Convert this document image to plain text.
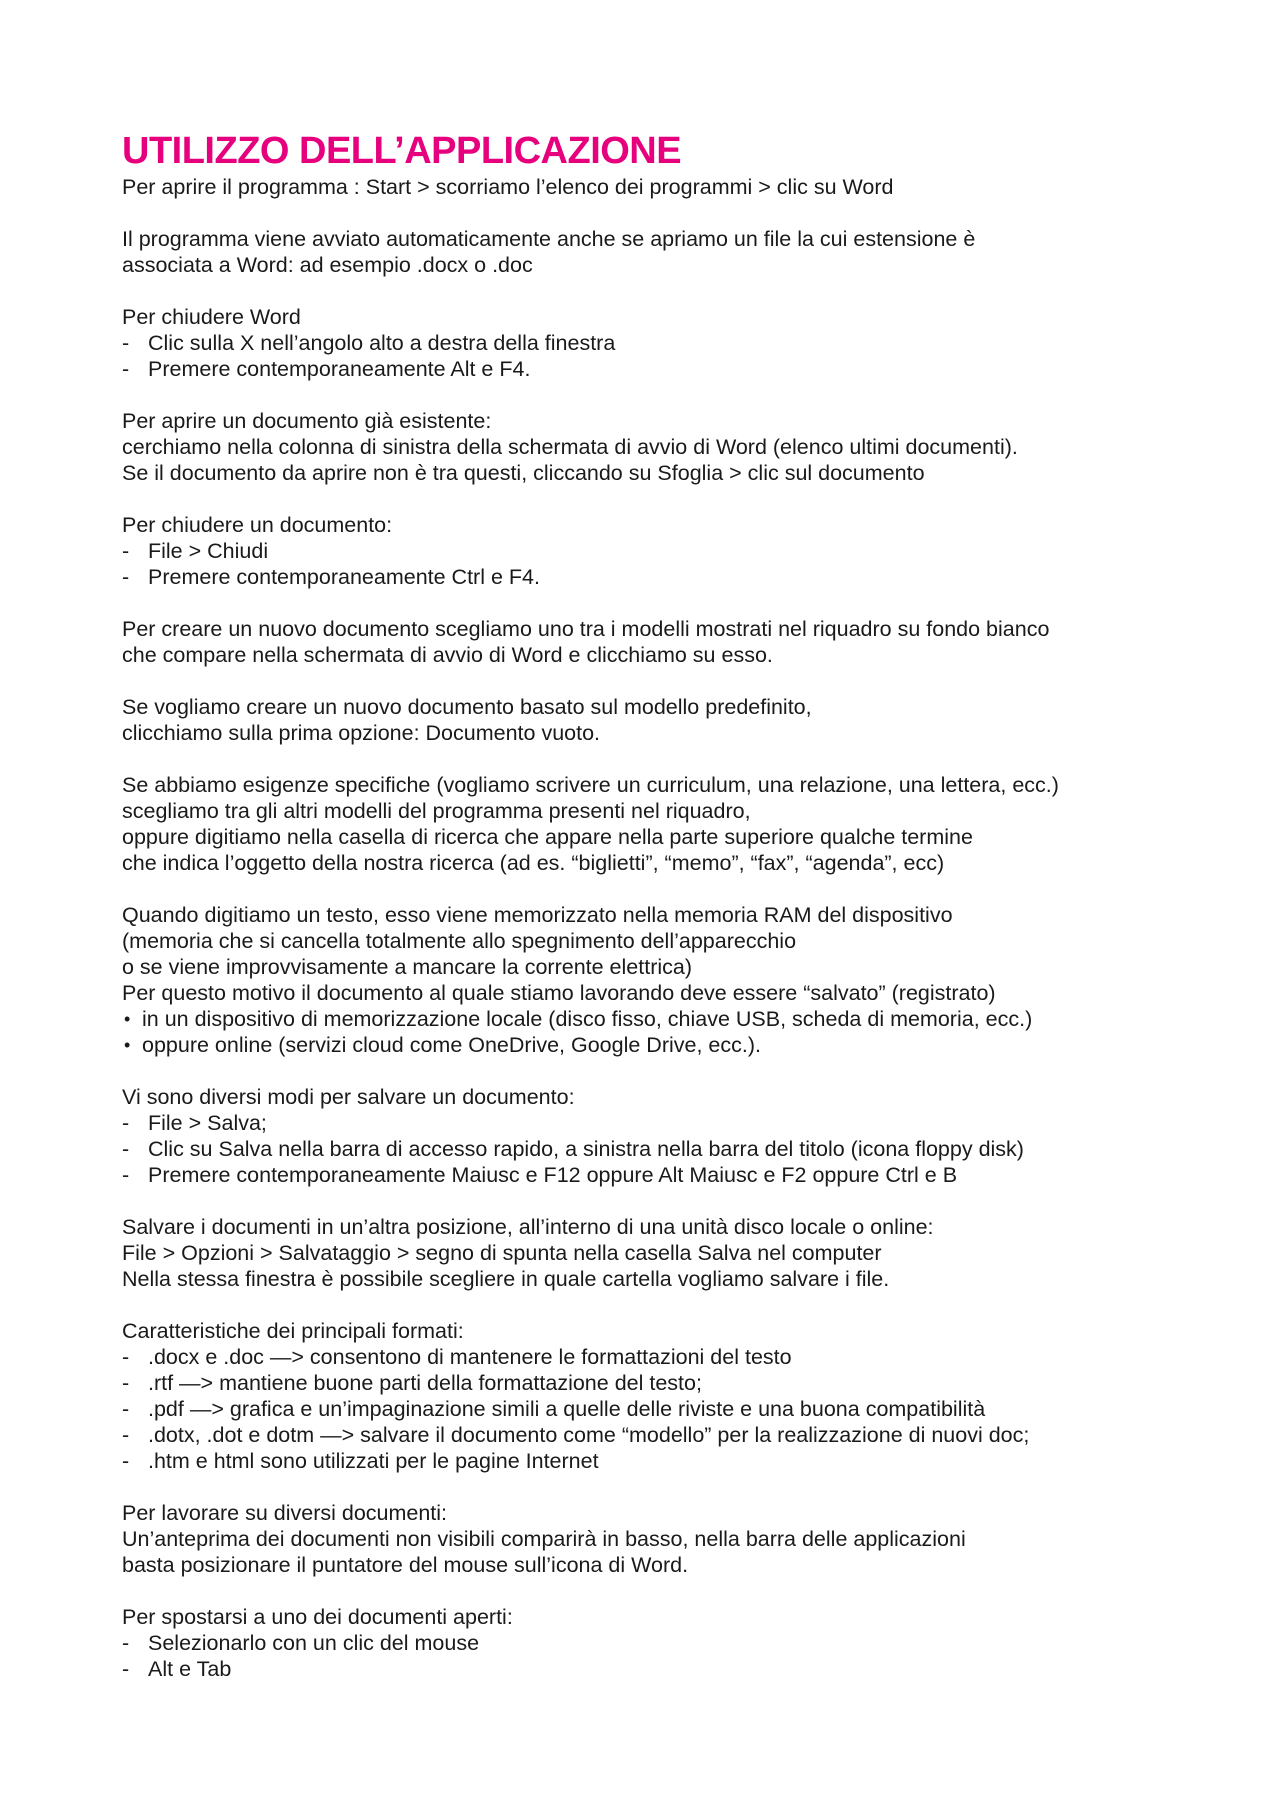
UTILIZZO DELL’APPLICAZIONE

Per aprire il programma : Start > scorriamo l’elenco dei programmi > clic su Word

Il programma viene avviato automaticamente anche se apriamo un file la cui estensione è

associata a Word: ad esempio .docx o .doc

Per chiudere Word

- Clic sulla X nell’angolo alto a destra della finestra
- Premere contemporaneamente Alt e F4.

Per aprire un documento già esistente:

cerchiamo nella colonna di sinistra della schermata di avvio di Word (elenco ultimi documenti).

Se il documento da aprire non è tra questi, cliccando su Sfoglia > clic sul documento

Per chiudere un documento:

- File > Chiudi
- Premere contemporaneamente Ctrl e F4.

Per creare un nuovo documento scegliamo uno tra i modelli mostrati nel riquadro su fondo bianco

che compare nella schermata di avvio di Word e clicchiamo su esso.

Se vogliamo creare un nuovo documento basato sul modello predefinito,

clicchiamo sulla prima opzione: Documento vuoto.

Se abbiamo esigenze specifiche (vogliamo scrivere un curriculum, una relazione, una lettera, ecc.)

scegliamo tra gli altri modelli del programma presenti nel riquadro,

oppure digitiamo nella casella di ricerca che appare nella parte superiore qualche termine

che indica l’oggetto della nostra ricerca (ad es. “biglietti”, “memo”, “fax”, “agenda”, ecc)

Quando digitiamo un testo, esso viene memorizzato nella memoria RAM del dispositivo

(memoria che si cancella totalmente allo spegnimento dell’apparecchio

o se viene improvvisamente a mancare la corrente elettrica)

Per questo motivo il documento al quale stiamo lavorando deve essere “salvato” (registrato)

• in un dispositivo di memorizzazione locale (disco fisso, chiave USB, scheda di memoria, ecc.)
• oppure online (servizi cloud come OneDrive, Google Drive, ecc.).

Vi sono diversi modi per salvare un documento:

- File > Salva;
- Clic su Salva nella barra di accesso rapido, a sinistra nella barra del titolo (icona floppy disk)
- Premere contemporaneamente Maiusc e F12 oppure Alt Maiusc e F2 oppure Ctrl e B

Salvare i documenti in un’altra posizione, all’interno di una unità disco locale o online:

File > Opzioni > Salvataggio > segno di spunta nella casella Salva nel computer

Nella stessa finestra è possibile scegliere in quale cartella vogliamo salvare i file.

Caratteristiche dei principali formati:

- .docx e .doc —> consentono di mantenere le formattazioni del testo
- .rtf —> mantiene buone parti della formattazione del testo;
- .pdf —> grafica e un’impaginazione simili a quelle delle riviste e una buona compatibilità
- .dotx, .dot e dotm —> salvare il documento come “modello” per la realizzazione di nuovi doc;
- .htm e html sono utilizzati per le pagine Internet

Per lavorare su diversi documenti:

Un’anteprima dei documenti non visibili comparirà in basso, nella barra delle applicazioni

basta posizionare il puntatore del mouse sull’icona di Word.

Per spostarsi a uno dei documenti aperti:

- Selezionarlo con un clic del mouse
- Alt e Tab
